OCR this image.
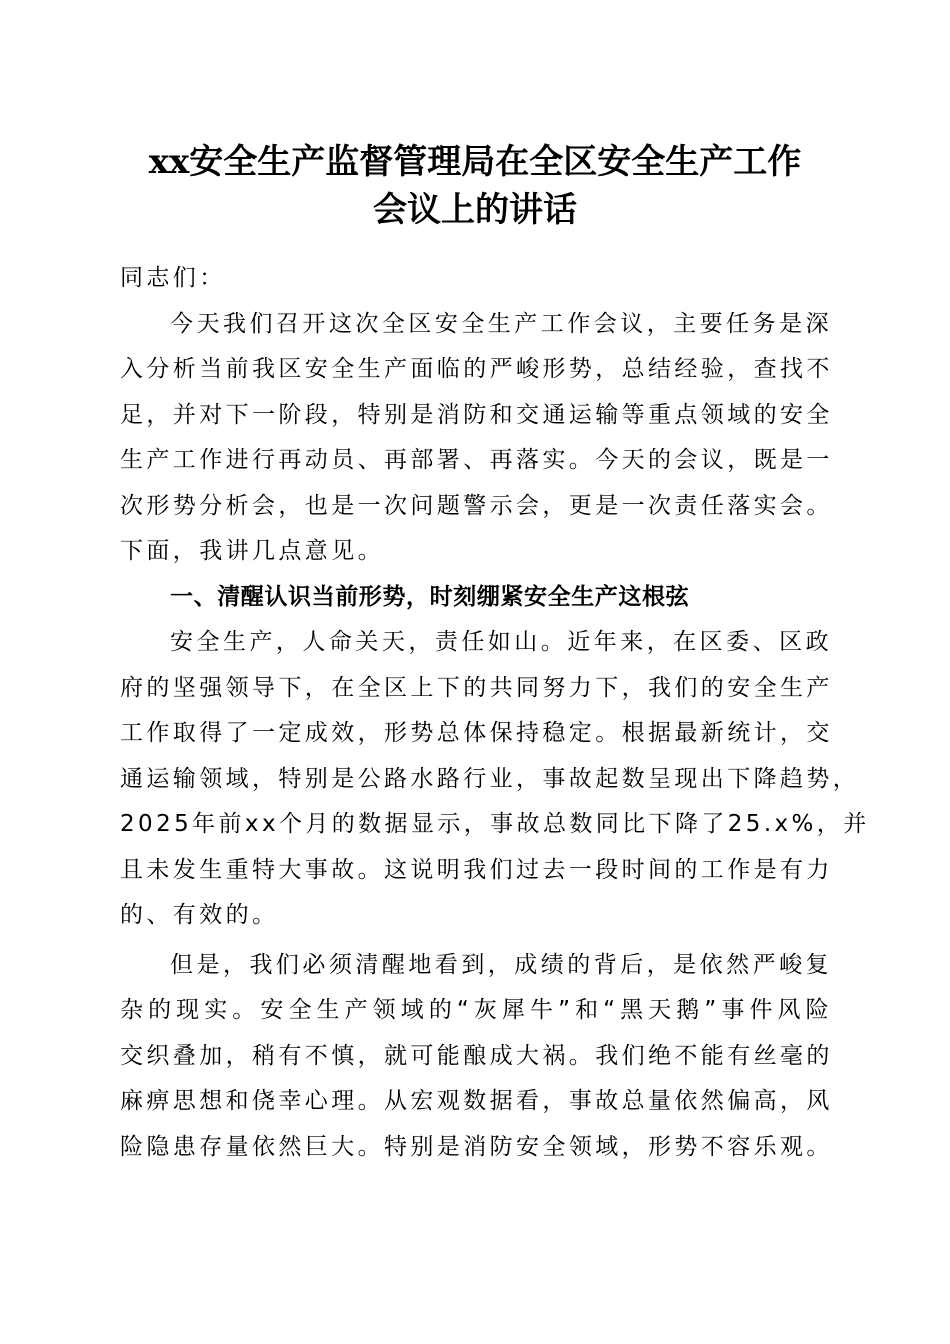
xx安全生产监督管理局在全区安全生产工作
会议上的讲话
同志们：
今天我们召开这次全区安全生产工作会议，主要任务是深
入分析当前我区安全生产面临的严峻形势，总结经验，查找不
足，并对下一阶段，特别是消防和交通运输等重点领域的安全
生产工作进行再动员、再部署、再落实。今天的会议，既是一
次形势分析会，也是一次问题警示会，更是一次责任落实会。
下面，我讲几点意见。
一、清醒认识当前形势，时刻绷紧安全生产这根弦
安全生产，人命关天，责任如山。近年来，在区委、区政
府的坚强领导下，在全区上下的共同努力下，我们的安全生产
工作取得了一定成效，形势总体保持稳定。根据最新统计，交
通运输领域，特别是公路水路行业，事故起数呈现出下降趋势，
2025年前xx个月的数据显示，事故总数同比下降了25.x%，并
且未发生重特大事故。这说明我们过去一段时间的工作是有力
的、有效的。
但是，我们必须清醒地看到，成绩的背后，是依然严峻复
杂的现实。安全生产领域的“灰犀牛”和“黑天鹅”事件风险
交织叠加，稍有不慎，就可能酿成大祸。我们绝不能有丝毫的
麻痹思想和侥幸心理。从宏观数据看，事故总量依然偏高，风
险隐患存量依然巨大。特别是消防安全领域，形势不容乐观。
